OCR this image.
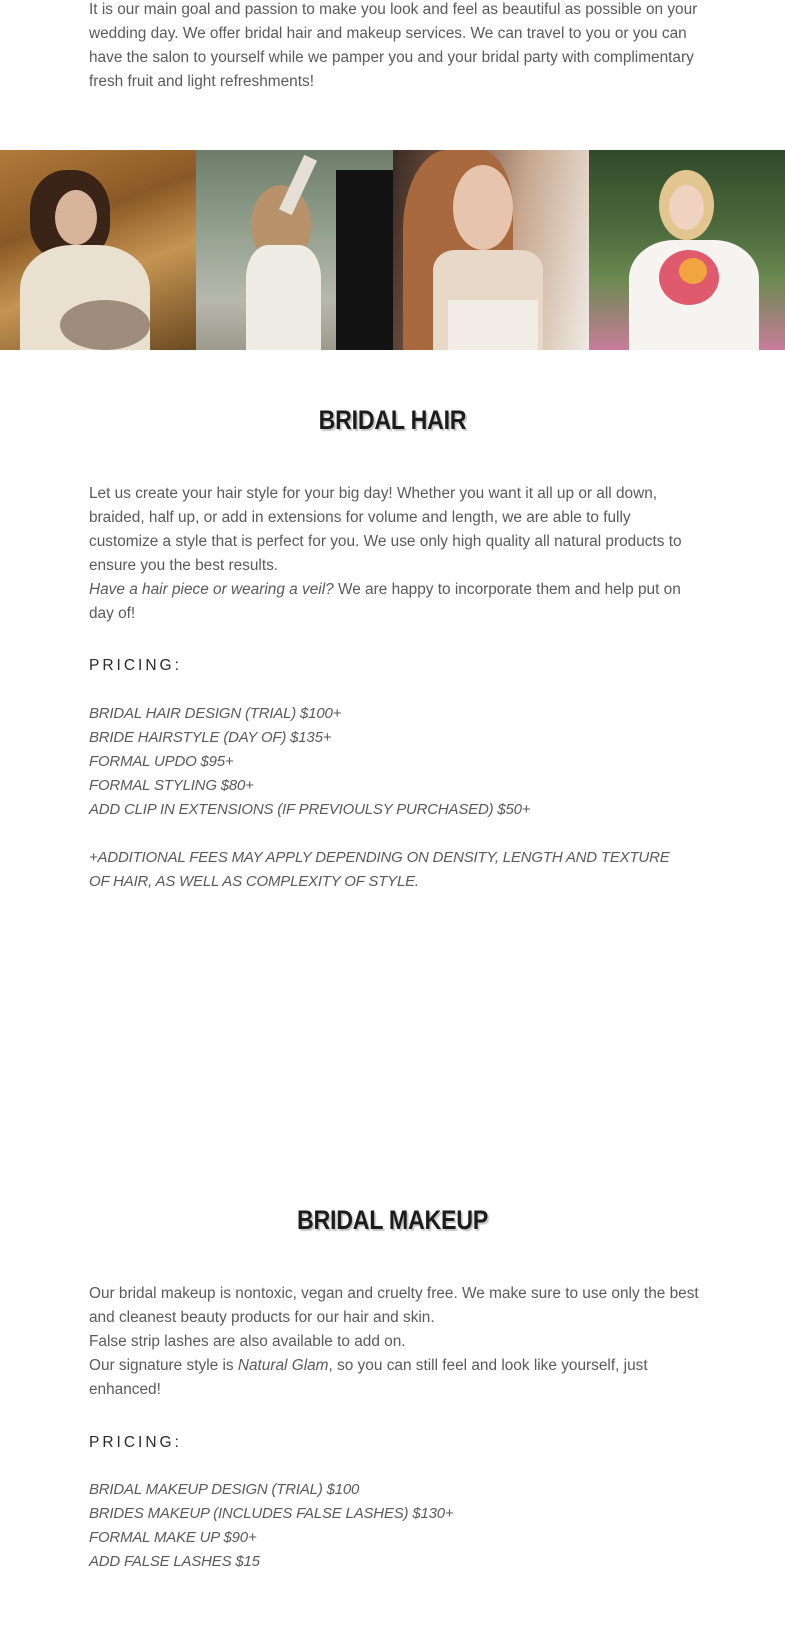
It is our main goal and passion to make you look and feel as beautiful as possible on your wedding day. We offer bridal hair and makeup services. We can travel to you or you can have the salon to yourself while we pamper you and your bridal party with complimentary fresh fruit and light refreshments!

BRIDAL HAIR

Let us create your hair style for your big day! Whether you want it all up or all down, braided, half up, or add in extensions for volume and length, we are able to fully customize a style that is perfect for you. We use only high quality all natural products to ensure you the best results.

Have a hair piece or wearing a veil? We are happy to incorporate them and help put on day of!

PRICING:
BRIDAL HAIR DESIGN (TRIAL) $100+
BRIDE HAIRSTYLE (DAY OF) $135+
FORMAL UPDO $95+
FORMAL STYLING $80+
ADD CLIP IN EXTENSIONS (IF PREVIOULSY PURCHASED) $50+

+ADDITIONAL FEES MAY APPLY DEPENDING ON DENSITY, LENGTH AND TEXTURE OF HAIR, AS WELL AS COMPLEXITY OF STYLE.

BRIDAL MAKEUP

Our bridal makeup is nontoxic, vegan and cruelty free. We make sure to use only the best and cleanest beauty products for our hair and skin.

False strip lashes are also available to add on.

Our signature style is Natural Glam, so you can still feel and look like yourself, just enhanced!

PRICING:
BRIDAL MAKEUP DESIGN (TRIAL) $100
BRIDES MAKEUP (INCLUDES FALSE LASHES) $130+
FORMAL MAKE UP $90+
ADD FALSE LASHES $15
